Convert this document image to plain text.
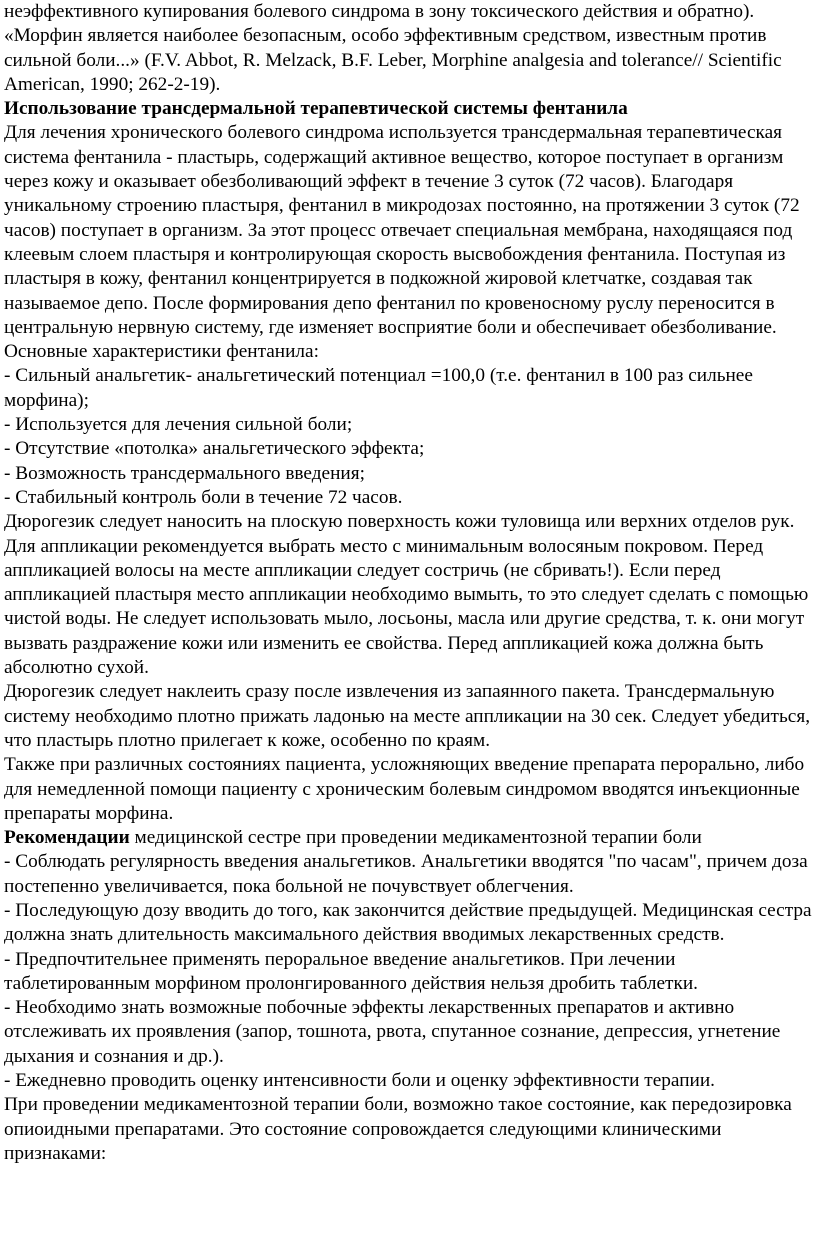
неэффективного купирования болевого синдрома в зону токсического действия и обратно).

«Морфин является наиболее безопасным, особо эффективным средством, известным против сильной боли...» (F.V. Abbot, R. Melzack, B.F. Leber, Morphine analgesia and tolerance// Scientific American, 1990; 262-2-19).

Использование трансдермальной терапевтической системы фентанила

Для лечения хронического болевого синдрома используется трансдермальная терапевтическая система фентанила - пластырь, содержащий активное вещество, которое поступает в организм через кожу и оказывает обезболивающий эффект в течение 3 суток (72 часов). Благодаря уникальному строению пластыря, фентанил в микродозах постоянно, на протяжении 3 суток (72 часов) поступает в организм. За этот процесс отвечает специальная мембрана, находящаяся под клеевым слоем пластыря и контролирующая скорость высвобождения фентанила. Поступая из пластыря в кожу, фентанил концентрируется в подкожной жировой клетчатке, создавая так называемое депо. После формирования депо фентанил по кровеносному руслу переносится в центральную нервную систему, где изменяет восприятие боли и обеспечивает обезболивание.

Основные характеристики фентанила:

- Сильный анальгетик- анальгетический потенциал =100,0 (т.е. фентанил в 100 раз сильнее морфина);

- Используется для лечения сильной боли;

- Отсутствие «потолка» анальгетического эффекта;

- Возможность трансдермального введения;

- Стабильный контроль боли в течение 72 часов.

Дюрогезик следует наносить на плоскую поверхность кожи туловища или верхних отделов рук. Для аппликации рекомендуется выбрать место с минимальным волосяным покровом. Перед аппликацией волосы на месте аппликации следует состричь (не сбривать!). Если перед аппликацией пластыря место аппликации необходимо вымыть, то это следует сделать с помощью чистой воды. Не следует использовать мыло, лосьоны, масла или другие средства, т. к. они могут вызвать раздражение кожи или изменить ее свойства. Перед аппликацией кожа должна быть абсолютно сухой.

Дюрогезик следует наклеить сразу после извлечения из запаянного пакета. Трансдермальную систему необходимо плотно прижать ладонью на месте аппликации на 30 сек. Следует убедиться, что пластырь плотно прилегает к коже, особенно по краям.

Также при различных состояниях пациента, усложняющих введение препарата перорально, либо для немедленной помощи пациенту с хроническим болевым синдромом вводятся инъекционные препараты морфина.

Рекомендации медицинской сестре при проведении медикаментозной терапии боли

- Соблюдать регулярность введения анальгетиков. Анальгетики вводятся "по часам", причем доза постепенно увеличивается, пока больной не почувствует облегчения.

- Последующую дозу вводить до того, как закончится действие предыдущей. Медицинская сестра должна знать длительность максимального действия вводимых лекарственных средств.

- Предпочтительнее применять пероральное введение анальгетиков. При лечении таблетированным морфином пролонгированного действия нельзя дробить таблетки.

- Необходимо знать возможные побочные эффекты лекарственных препаратов и активно отслеживать их проявления (запор, тошнота, рвота, спутанное сознание, депрессия, угнетение дыхания и сознания и др.).

- Ежедневно проводить оценку интенсивности боли и оценку эффективности терапии.

При проведении медикаментозной терапии боли, возможно такое состояние, как передозировка опиоидными препаратами. Это состояние сопровождается следующими клиническими признаками:
